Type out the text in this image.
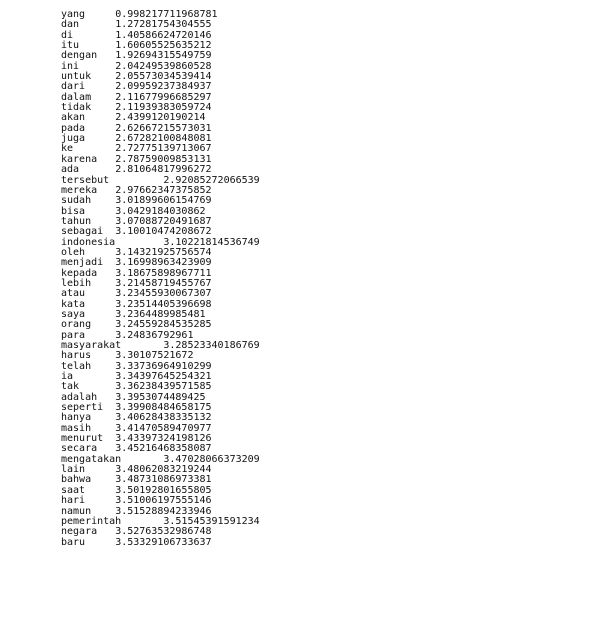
yang	0.998217711968781
dan	1.27281754304555
di	1.40586624720146
itu	1.60605525635212
dengan 1.92694315549759
ini	2.04249539860528
untuk 2.05573034539414
dari	2.09959237384937
dalam 2.11677996685297
tidak 2.11939383059724
akan	2.4399120190214
pada	2.62667215573031
juga	2.67282100848081
ke	2.72775139713067
karena 2.78759009853131
ada	2.81064817996272
tersebut	2.92085272066539
mereka 2.97662347375852
sudah 3.01899606154769
bisa	3.0429184030862
tahun 3.07088720491687
sebagai 3.10010474208672
indonesia	3.10221814536749
oleh	3.14321925756574
menjadi 3.16998963423909
kepada 3.18675898967711
lebih 3.21458719455767
atau	3.23455930067307
kata	3.23514405396698
saya	3.2364489985481
orang 3.24559284535285
para	3.24836792961
masyarakat	3.28523340186769
harus 3.30107521672
telah 3.33736964910299
ia	3.34397645254321
tak	3.36238439571585
adalah 3.3953074489425
seperti 3.39908484658175
hanya 3.40628438335132
masih 3.41470589470977
menurut 3.43397324198126
secara 3.45216468358087
mengatakan	3.47028066373209
lain	3.48062083219244
bahwa 3.48731086973381
saat	3.50192801655805
hari	3.51006197555146
namun 3.51528894233946
pemerintah	3.51545391591234
negara 3.52763532986748
baru	3.53329106733637
